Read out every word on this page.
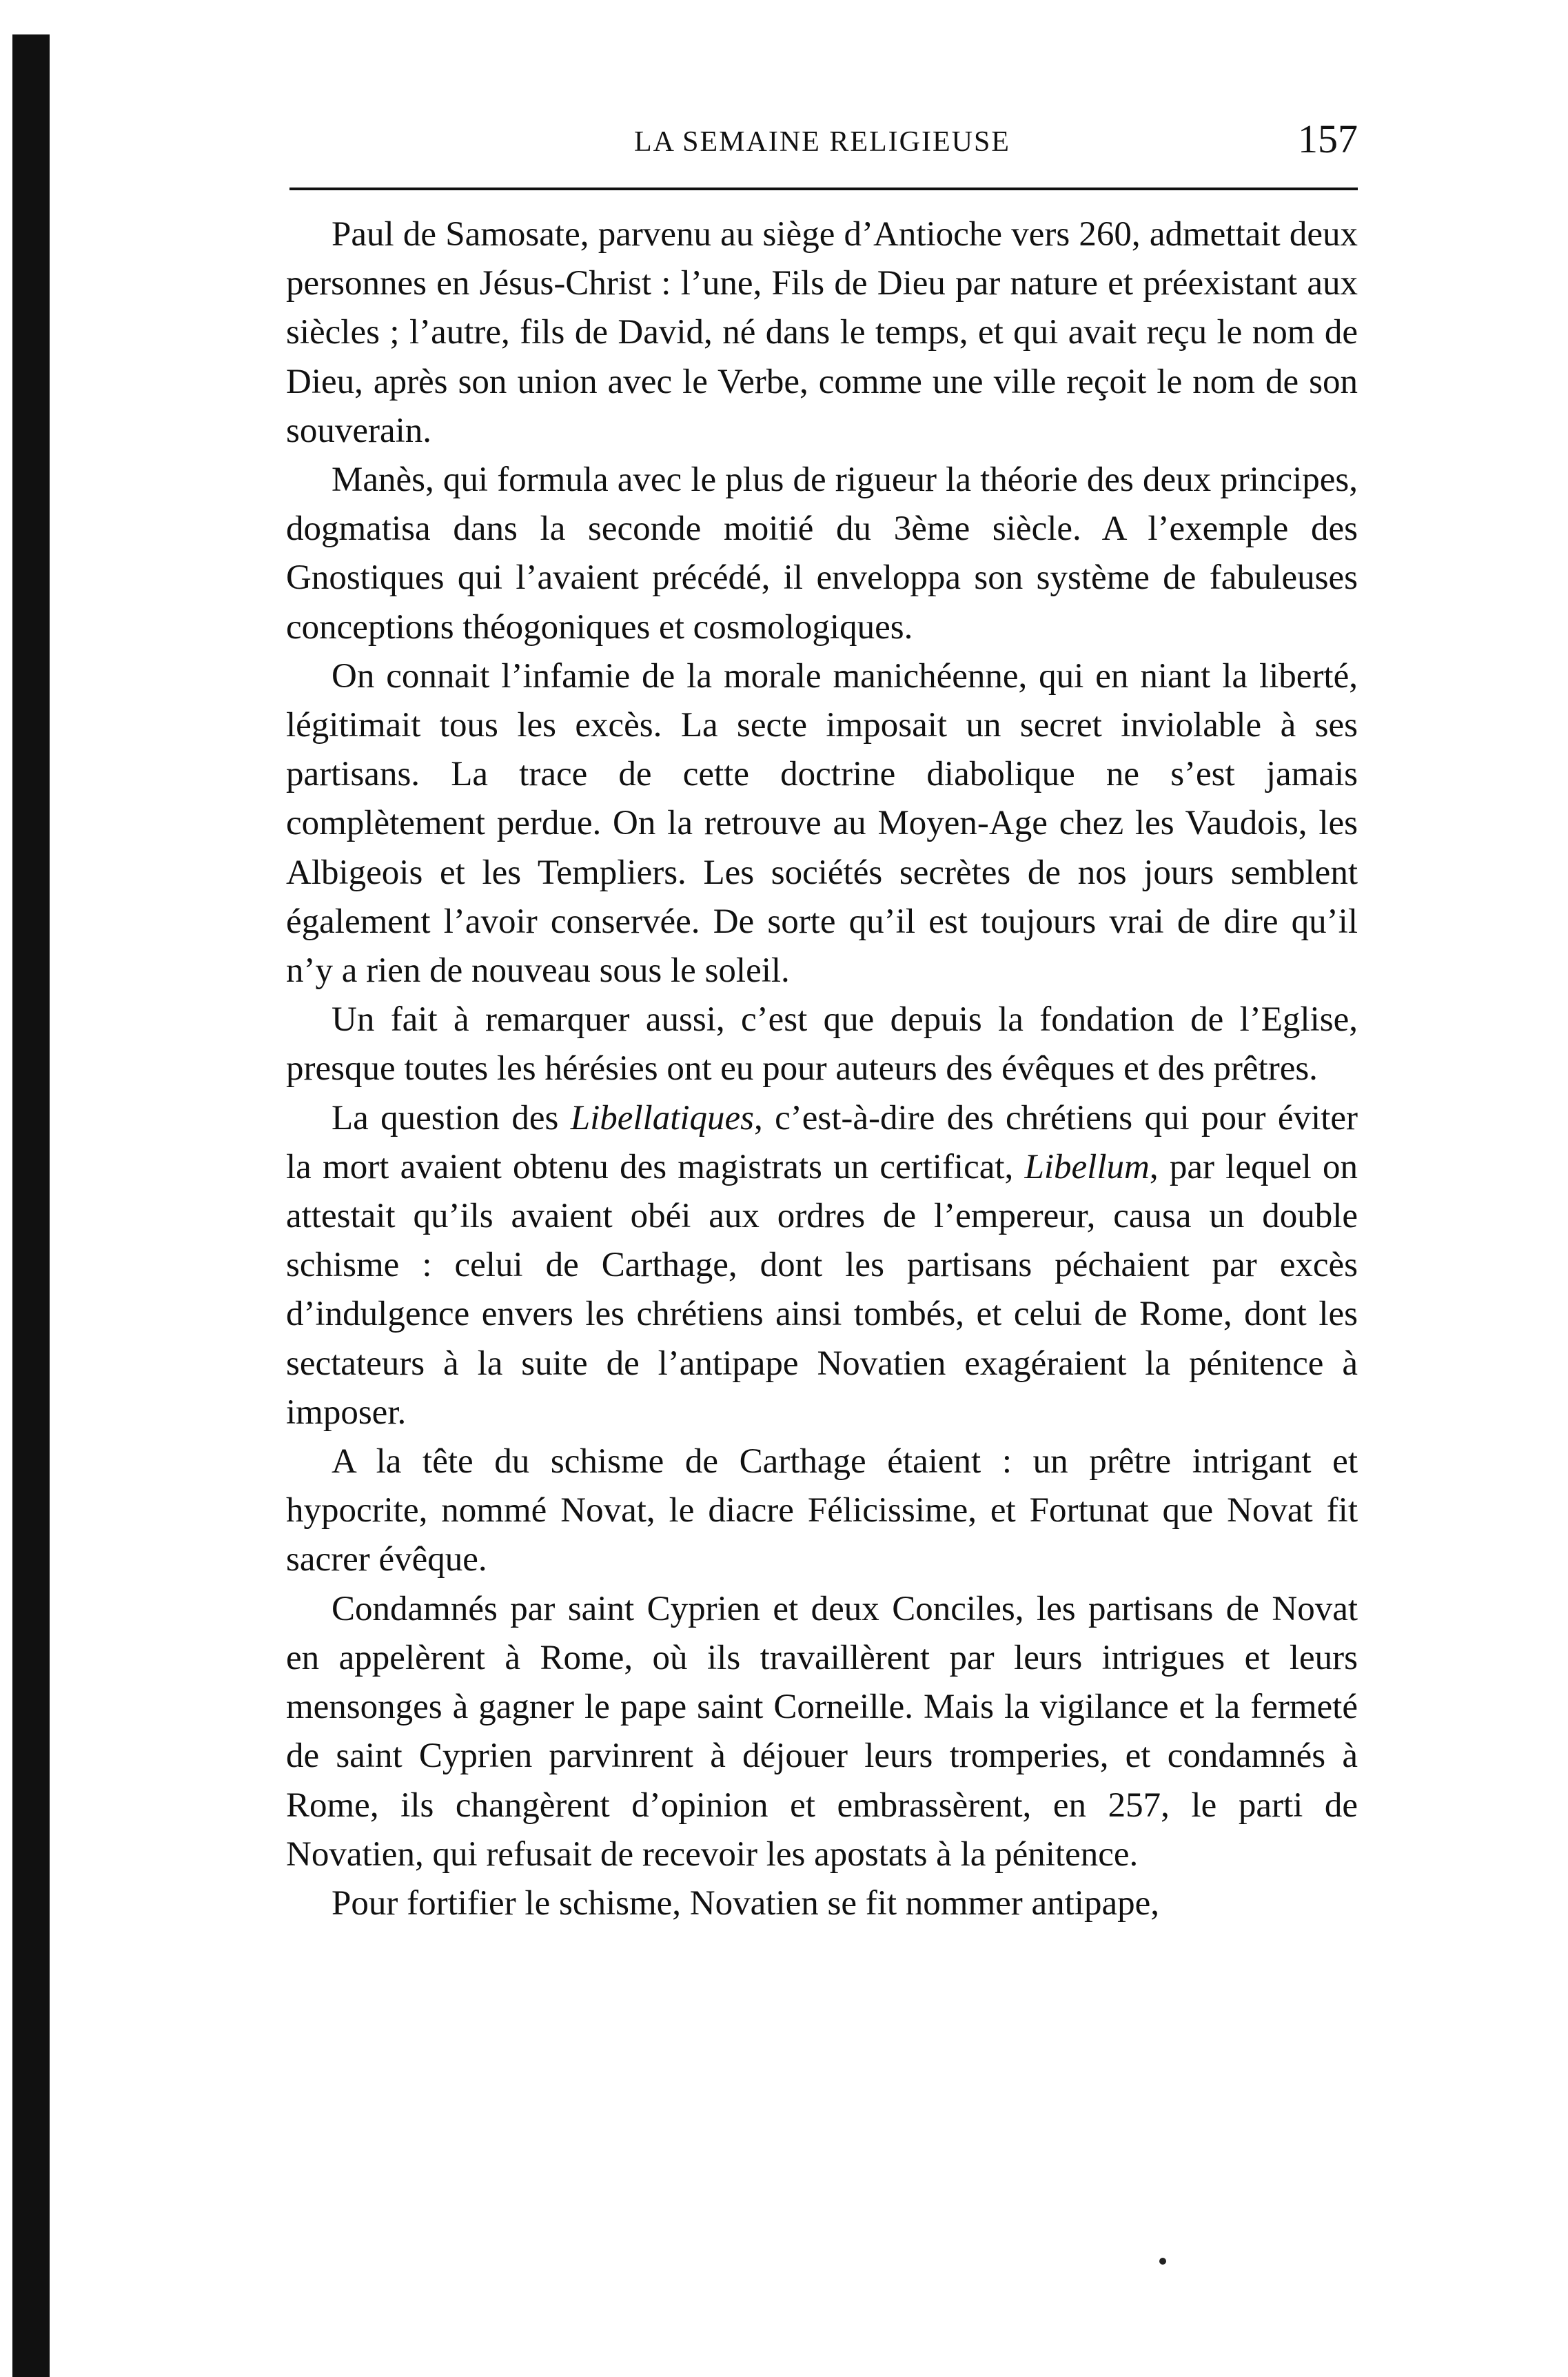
LA SEMAINE RELIGIEUSE	157

Paul de Samosate, parvenu au siège d’Antioche vers 260, admettait deux personnes en Jésus-Christ : l’une, Fils de Dieu par nature et préexistant aux siècles ; l’autre, fils de David, né dans le temps, et qui avait reçu le nom de Dieu, après son union avec le Verbe, comme une ville reçoit le nom de son souverain.

Manès, qui formula avec le plus de rigueur la théorie des deux principes, dogmatisa dans la seconde moitié du 3ème siècle. A l’exemple des Gnostiques qui l’avaient précédé, il enveloppa son système de fabuleuses conceptions théogoniques et cosmologiques.

On connait l’infamie de la morale manichéenne, qui en niant la liberté, légitimait tous les excès. La secte imposait un secret inviolable à ses partisans. La trace de cette doctrine diabolique ne s’est jamais complètement perdue. On la retrouve au Moyen-Age chez les Vaudois, les Albigeois et les Templiers. Les sociétés secrètes de nos jours semblent également l’avoir conservée. De sorte qu’il est toujours vrai de dire qu’il n’y a rien de nouveau sous le soleil.

Un fait à remarquer aussi, c’est que depuis la fondation de l’Eglise, presque toutes les hérésies ont eu pour auteurs des évêques et des prêtres.

La question des Libellatiques, c’est-à-dire des chrétiens qui pour éviter la mort avaient obtenu des magistrats un certificat, Libellum, par lequel on attestait qu’ils avaient obéi aux ordres de l’empereur, causa un double schisme : celui de Carthage, dont les partisans péchaient par excès d’indulgence envers les chrétiens ainsi tombés, et celui de Rome, dont les sectateurs à la suite de l’antipape Novatien exagéraient la pénitence à imposer.

A la tête du schisme de Carthage étaient : un prêtre intrigant et hypocrite, nommé Novat, le diacre Félicissime, et Fortunat que Novat fit sacrer évêque.

Condamnés par saint Cyprien et deux Conciles, les partisans de Novat en appelèrent à Rome, où ils travaillèrent par leurs intrigues et leurs mensonges à gagner le pape saint Corneille. Mais la vigilance et la fermeté de saint Cyprien parvinrent à déjouer leurs tromperies, et condamnés à Rome, ils changèrent d’opinion et embrassèrent, en 257, le parti de Novatien, qui refusait de recevoir les apostats à la pénitence.

Pour fortifier le schisme, Novatien se fit nommer antipape,
